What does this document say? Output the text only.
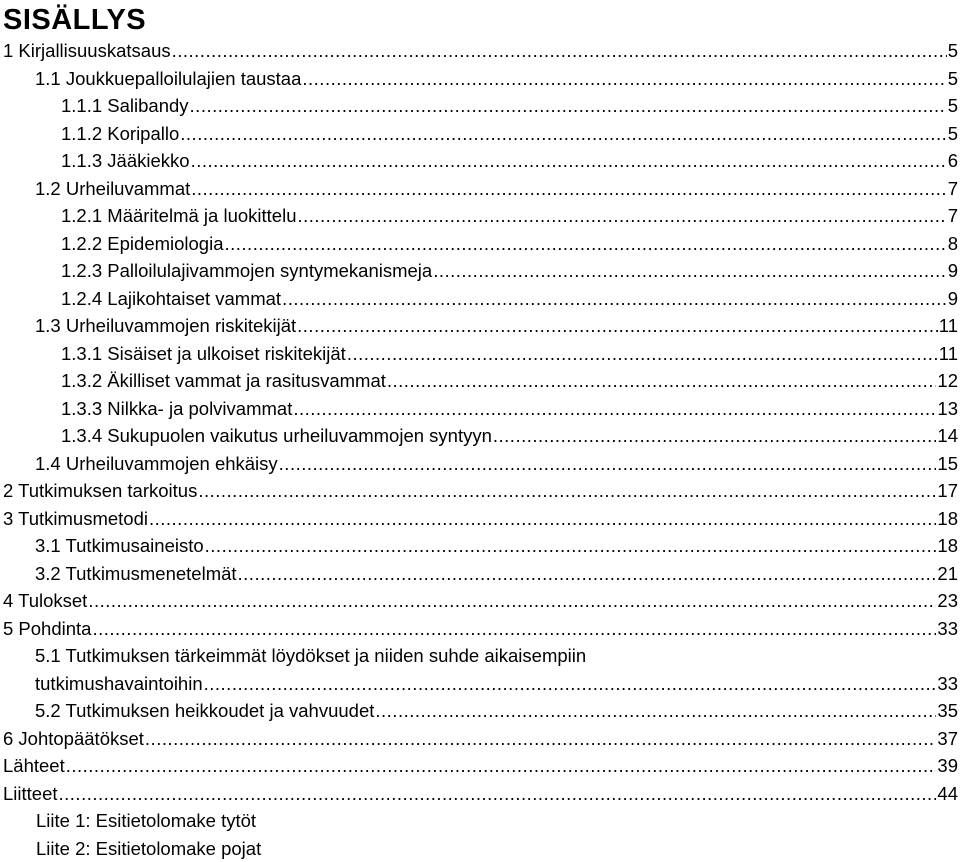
SISÄLLYS
1 Kirjallisuuskatsaus .....	5
1.1 Joukkuepalloilulajien taustaa .....	5
1.1.1 Salibandy .....	5
1.1.2 Koripallo .....	5
1.1.3 Jääkiekko .....	6
1.2 Urheiluvammat .....	7
1.2.1 Määritelmä ja luokittelu .....	7
1.2.2 Epidemiologia .....	8
1.2.3 Palloilulajivammojen syntymekanismeja .....	9
1.2.4 Lajikohtaiset vammat .....	9
1.3 Urheiluvammojen riskitekijät .....	11
1.3.1 Sisäiset ja ulkoiset riskitekijät .....	11
1.3.2 Äkilliset vammat ja rasitusvammat .....	12
1.3.3 Nilkka- ja polvivammat .....	13
1.3.4 Sukupuolen vaikutus urheiluvammojen syntyyn .....	14
1.4 Urheiluvammojen ehkäisy .....	15
2 Tutkimuksen tarkoitus .....	17
3 Tutkimusmetodi .....	18
3.1 Tutkimusaineisto .....	18
3.2 Tutkimusmenetelmät .....	21
4 Tulokset .....	23
5 Pohdinta .....	33
5.1 Tutkimuksen tärkeimmät löydökset ja niiden suhde aikaisempiin
tutkimushavaintoihin .....	33
5.2 Tutkimuksen heikkoudet ja vahvuudet .....	35
6 Johtopäätökset .....	37
Lähteet .....	39
Liitteet .....	44
Liite 1: Esitietolomake tytöt
Liite 2: Esitietolomake pojat
